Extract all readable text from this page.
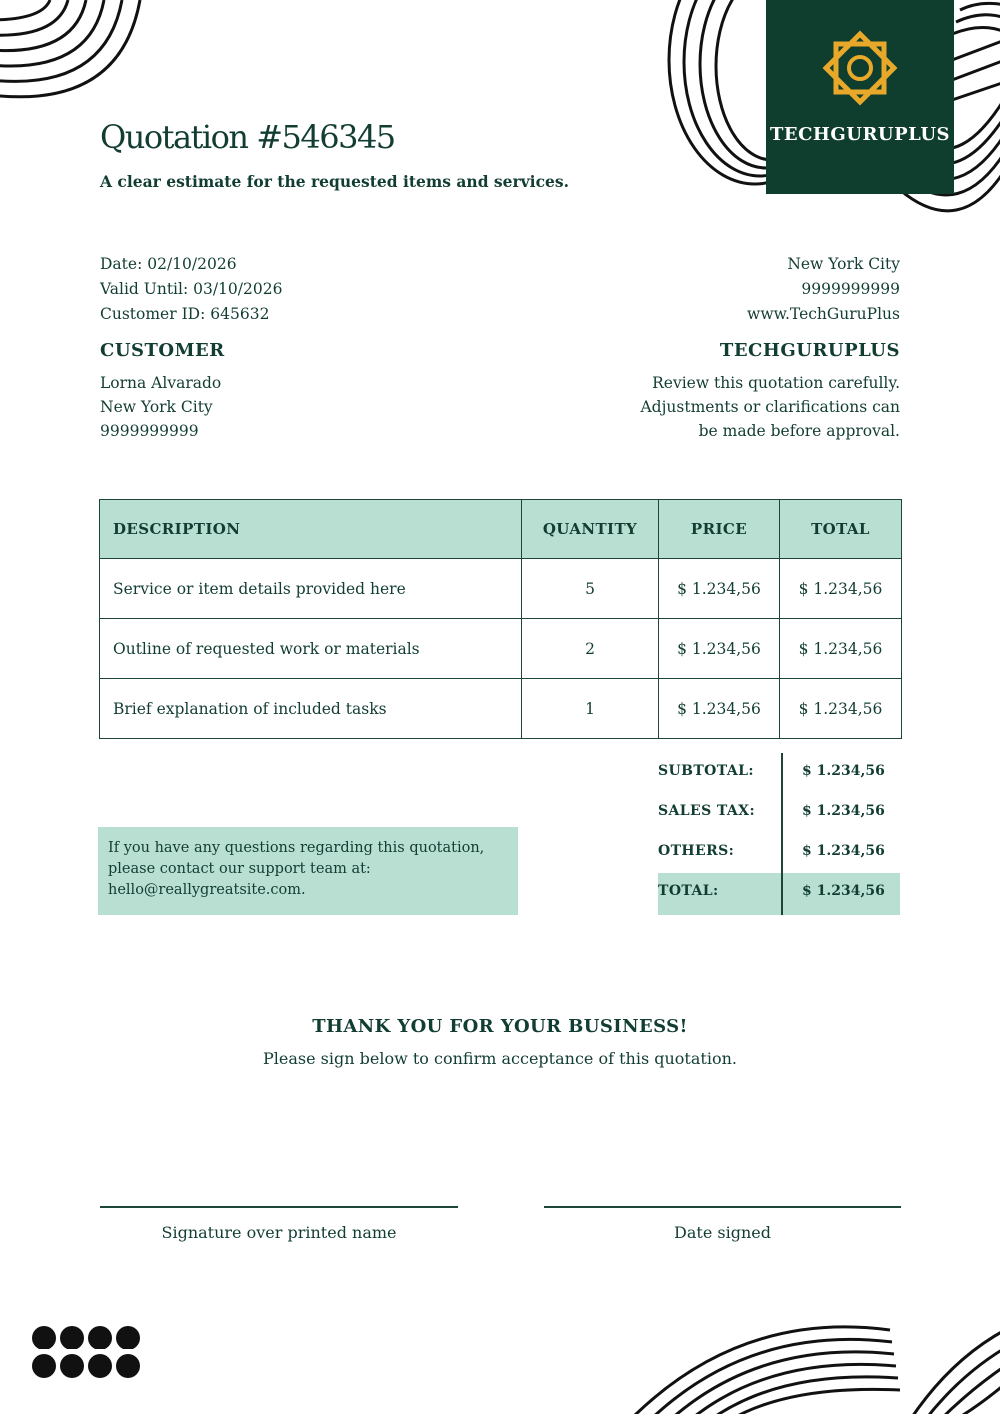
TECHGURUPLUS
Quotation #546345
A clear estimate for the requested items and services.
Date: 02/10/2026
Valid Until: 03/10/2026
Customer ID: 645632
New York City
9999999999
www.TechGuruPlus
CUSTOMER	TECHGURUPLUS
Lorna Alvarado
New York City
9999999999
Review this quotation carefully.
Adjustments or clarifications can
be made before approval.
DESCRIPTION	QUANTITY	PRICE	TOTAL
Service or item details provided here	5	$ 1.234,56	$ 1.234,56
Outline of requested work or materials	2	$ 1.234,56	$ 1.234,56
Brief explanation of included tasks	1	$ 1.234,56	$ 1.234,56
If you have any questions regarding this quotation,
please contact our support team at:
hello@reallygreatsite.com.
SUBTOTAL:	$ 1.234,56
SALES TAX:	$ 1.234,56
OTHERS:	$ 1.234,56
TOTAL:	$ 1.234,56
THANK YOU FOR YOUR BUSINESS!
Please sign below to confirm acceptance of this quotation.
Signature over printed name	Date signed
